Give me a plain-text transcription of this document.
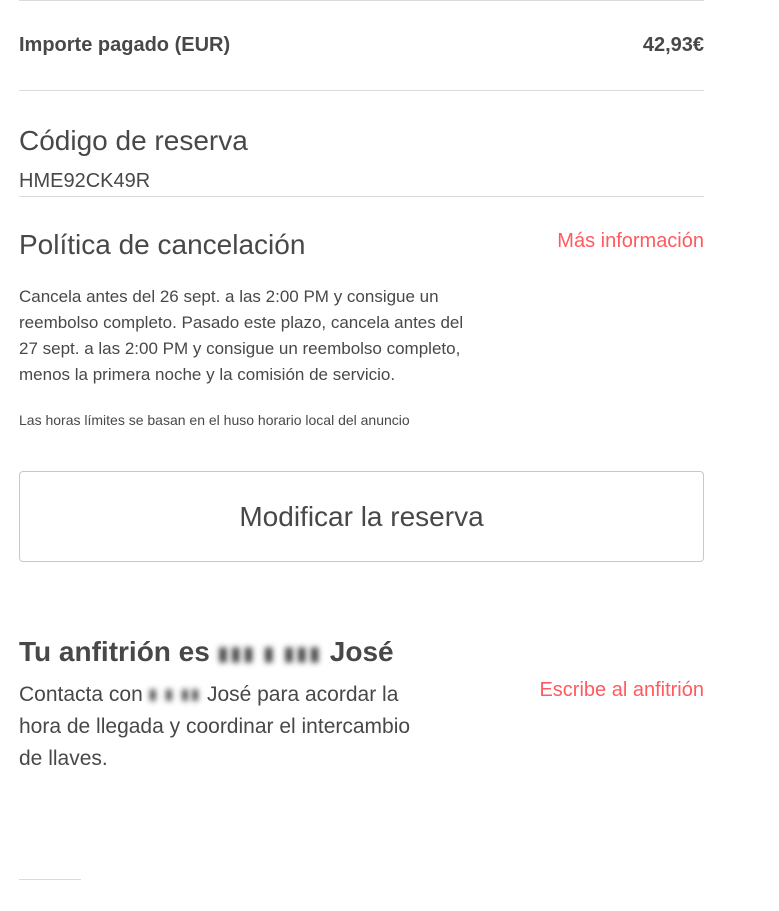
Importe pagado (EUR)	42,93€
Código de reserva
HME92CK49R
Política de cancelación	Más información
Cancela antes del 26 sept. a las 2:00 PM y consigue un reembolso completo. Pasado este plazo, cancela antes del 27 sept. a las 2:00 PM y consigue un reembolso completo, menos la primera noche y la comisión de servicio.
Las horas límites se basan en el huso horario local del anuncio
Modificar la reserva
Tu anfitrión es ▮▮▮ ▮ ▮▮▮ José
Contacta con ▮ ▮ ▮▮ José para acordar la hora de llegada y coordinar el intercambio de llaves.
Escribe al anfitrión
